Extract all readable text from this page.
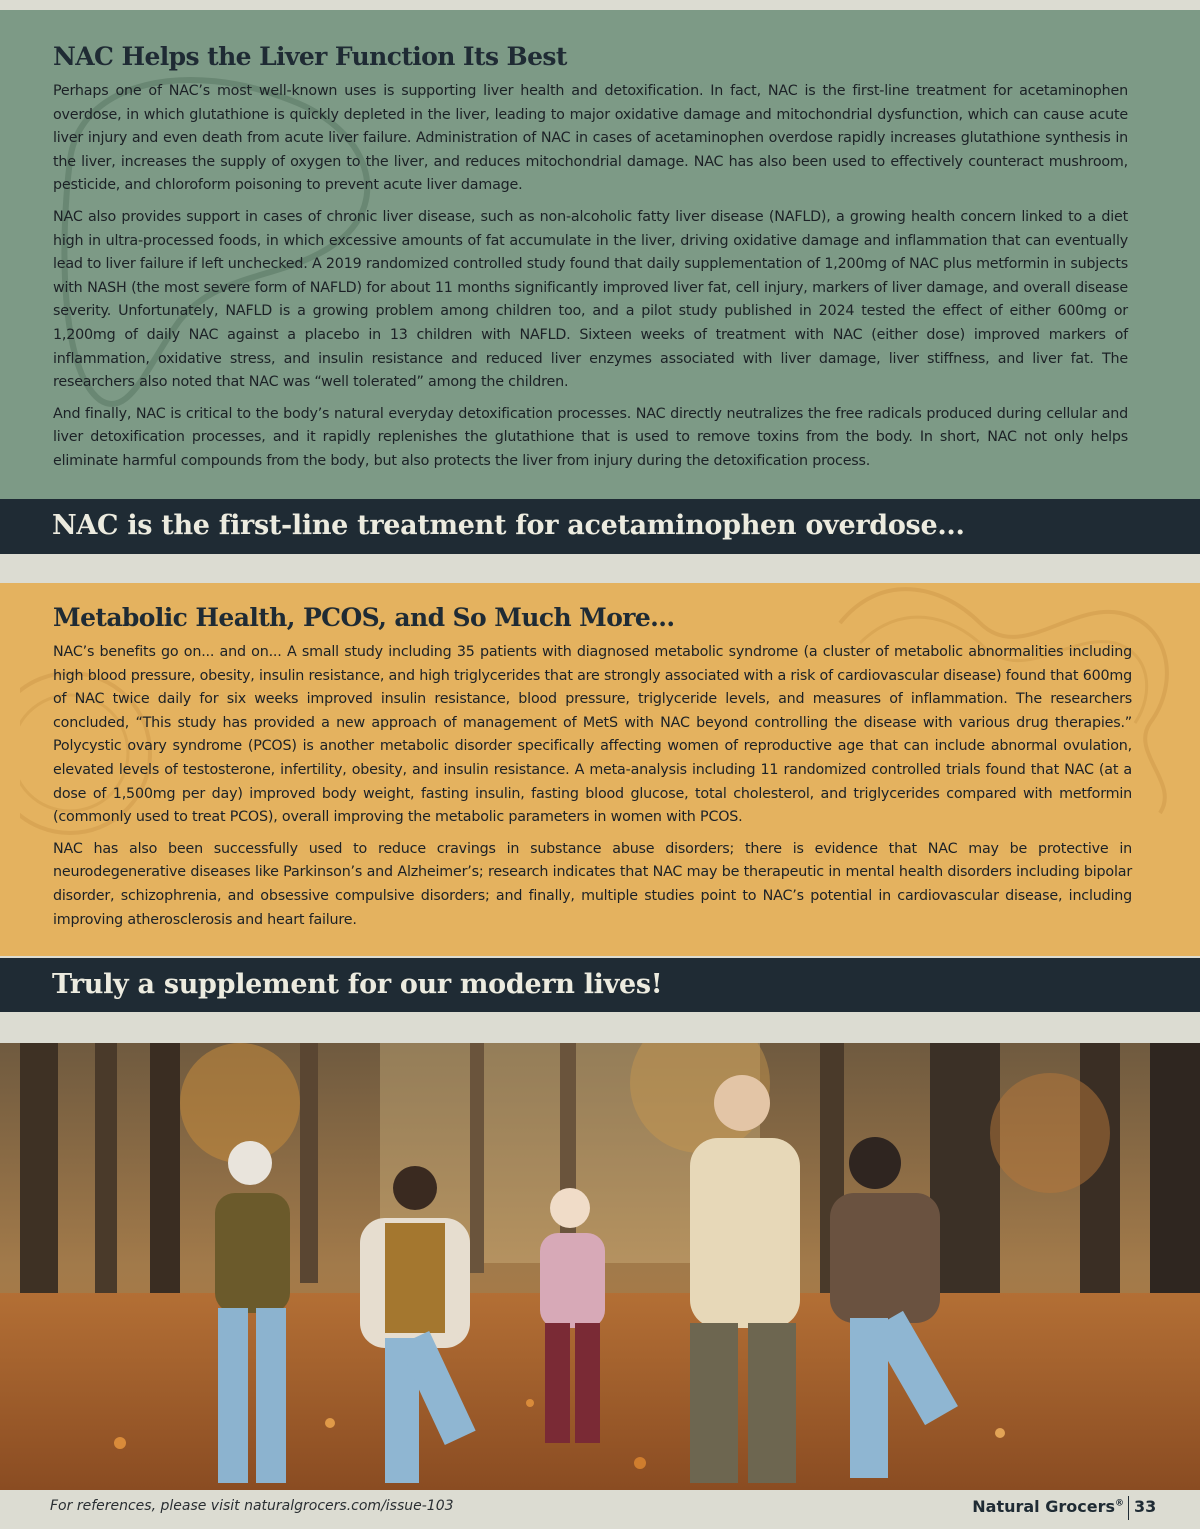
NAC Helps the Liver Function Its Best

Perhaps one of NAC’s most well-known uses is supporting liver health and detoxification. In fact, NAC is the first-line treatment for acetaminophen overdose, in which glutathione is quickly depleted in the liver, leading to major oxidative damage and mitochondrial dysfunction, which can cause acute liver injury and even death from acute liver failure. Administration of NAC in cases of acetaminophen overdose rapidly increases glutathione synthesis in the liver, increases the supply of oxygen to the liver, and reduces mitochondrial damage. NAC has also been used to effectively counteract mushroom, pesticide, and chloroform poisoning to prevent acute liver damage.

NAC also provides support in cases of chronic liver disease, such as non-alcoholic fatty liver disease (NAFLD), a growing health concern linked to a diet high in ultra-processed foods, in which excessive amounts of fat accumulate in the liver, driving oxidative damage and inflammation that can eventually lead to liver failure if left unchecked. A 2019 randomized controlled study found that daily supplementation of 1,200mg of NAC plus metformin in subjects with NASH (the most severe form of NAFLD) for about 11 months significantly improved liver fat, cell injury, markers of liver damage, and overall disease severity. Unfortunately, NAFLD is a growing problem among children too, and a pilot study published in 2024 tested the effect of either 600mg or 1,200mg of daily NAC against a placebo in 13 children with NAFLD. Sixteen weeks of treatment with NAC (either dose) improved markers of inflammation, oxidative stress, and insulin resistance and reduced liver enzymes associated with liver damage, liver stiffness, and liver fat. The researchers also noted that NAC was “well tolerated” among the children.

And finally, NAC is critical to the body’s natural everyday detoxification processes. NAC directly neutralizes the free radicals produced during cellular and liver detoxification processes, and it rapidly replenishes the glutathione that is used to remove toxins from the body. In short, NAC not only helps eliminate harmful compounds from the body, but also protects the liver from injury during the detoxification process.

NAC is the first-line treatment for acetaminophen overdose...
Metabolic Health, PCOS, and So Much More...

NAC’s benefits go on... and on... A small study including 35 patients with diagnosed metabolic syndrome (a cluster of metabolic abnormalities including high blood pressure, obesity, insulin resistance, and high triglycerides that are strongly associated with a risk of cardiovascular disease) found that 600mg of NAC twice daily for six weeks improved insulin resistance, blood pressure, triglyceride levels, and measures of inflammation. The researchers concluded, “This study has provided a new approach of management of MetS with NAC beyond controlling the disease with various drug therapies.” Polycystic ovary syndrome (PCOS) is another metabolic disorder specifically affecting women of reproductive age that can include abnormal ovulation, elevated levels of testosterone, infertility, obesity, and insulin resistance. A meta-analysis including 11 randomized controlled trials found that NAC (at a dose of 1,500mg per day) improved body weight, fasting insulin, fasting blood glucose, total cholesterol, and triglycerides compared with metformin (commonly used to treat PCOS), overall improving the metabolic parameters in women with PCOS.

NAC has also been successfully used to reduce cravings in substance abuse disorders; there is evidence that NAC may be protective in neurodegenerative diseases like Parkinson’s and Alzheimer’s; research indicates that NAC may be therapeutic in mental health disorders including bipolar disorder, schizophrenia, and obsessive compulsive disorders; and finally, multiple studies point to NAC’s potential in cardiovascular disease, including improving atherosclerosis and heart failure.

Truly a supplement for our modern lives!
For references, please visit naturalgrocers.com/issue-103	Natural Grocers® 33
